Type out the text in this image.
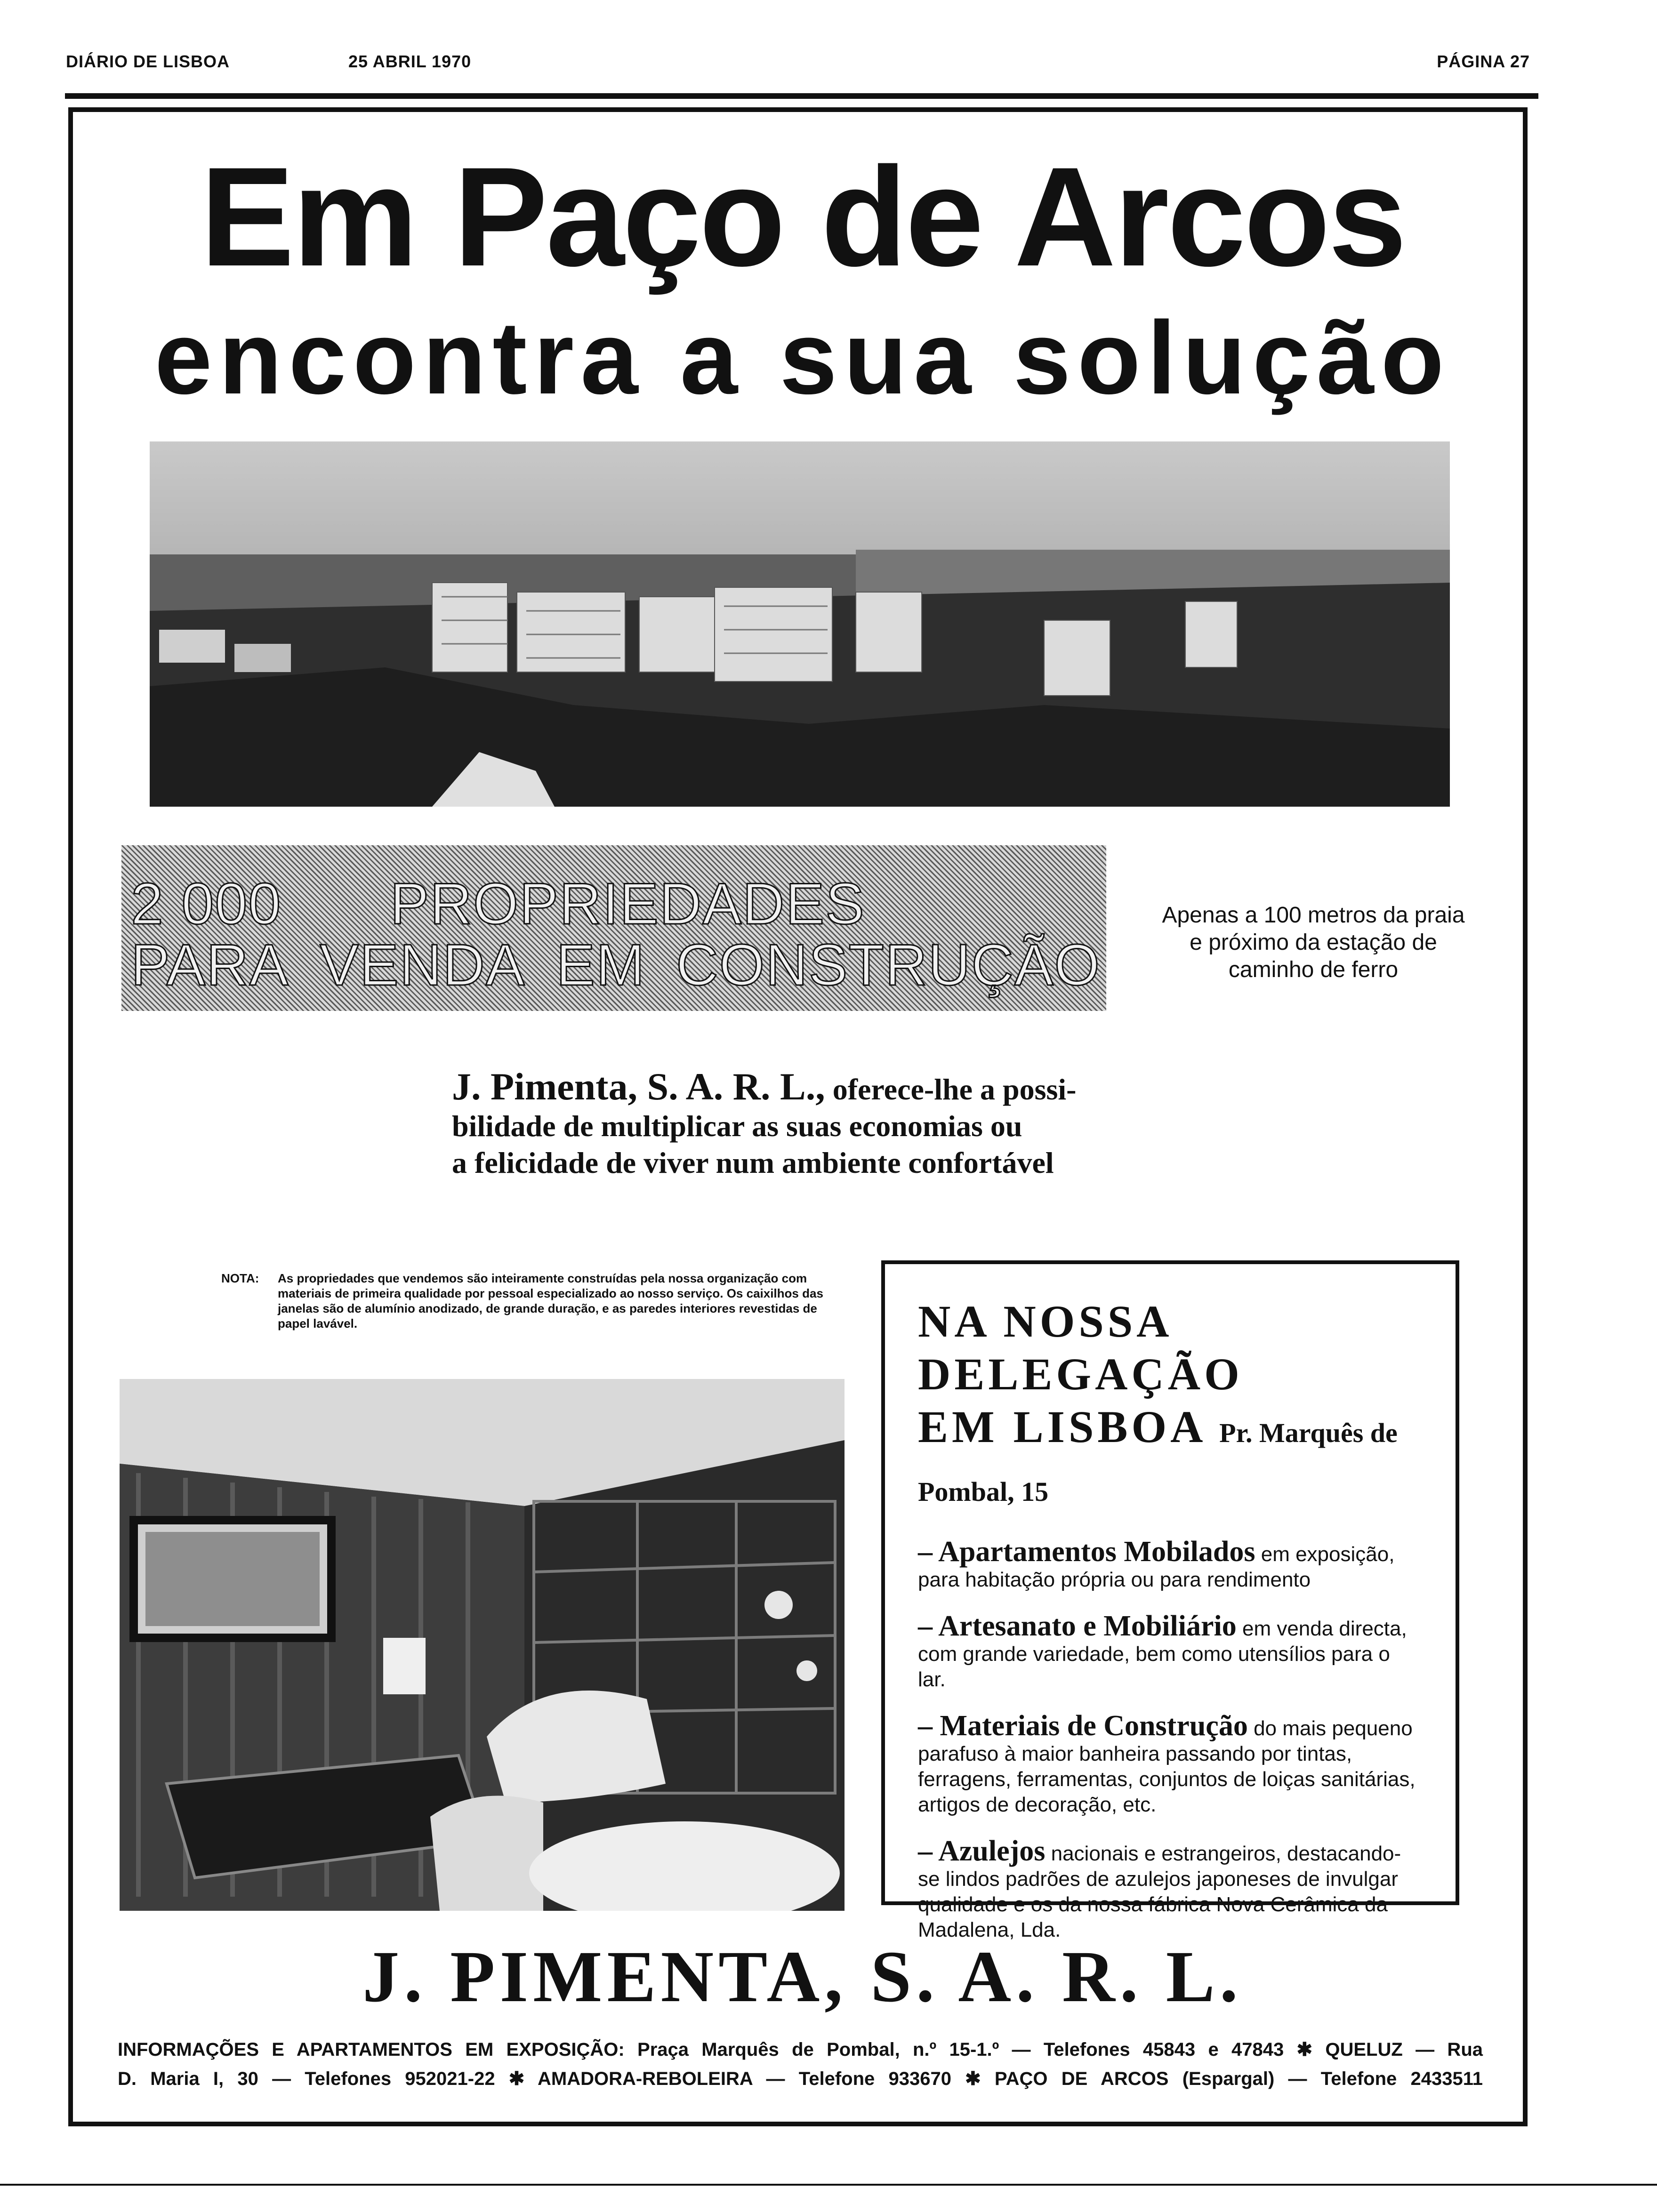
DIÁRIO DE LISBOA	25 ABRIL 1970	PÁGINA 27
Em Paço de Arcos
encontra a sua solução
2 000 PROPRIEDADES
PARA VENDA EM CONSTRUÇÃO
Apenas a 100 metros da praia
e próximo da estação de
caminho de ferro
J. Pimenta, S. A. R. L., oferece-lhe a possi-
bilidade de multiplicar as suas economias ou
a felicidade de viver num ambiente confortável
NOTA: As propriedades que vendemos são inteiramente construídas pela nossa organização com materiais de primeira qualidade por pessoal especializado ao nosso serviço. Os caixilhos das janelas são de alumínio anodizado, de grande duração, e as paredes interiores revestidas de papel lavável.	NA NOSSA DELEGAÇÃO
EM LISBOA Pr. Marquês de Pombal, 15
– Apartamentos Mobilados em exposição, para habitação própria ou para rendimento
– Artesanato e Mobiliário em venda directa, com grande variedade, bem como utensílios para o lar.
– Materiais de Construção do mais pequeno parafuso à maior banheira passando por tintas, ferragens, ferramentas, conjuntos de loiças sanitárias, artigos de decoração, etc.
– Azulejos nacionais e estrangeiros, destacando-se lindos padrões de azulejos japoneses de invulgar qualidade e os da nossa fábrica Nova Cerâmica da Madalena, Lda.
J. PIMENTA, S. A. R. L.
INFORMAÇÕES E APARTAMENTOS EM EXPOSIÇÃO: Praça Marquês de Pombal, n.º 15-1.º — Telefones 45843 e 47843 ✱ QUELUZ — Rua
D. Maria I, 30 — Telefones 952021-22 ✱ AMADORA-REBOLEIRA — Telefone 933670 ✱ PAÇO DE ARCOS (Espargal) — Telefone 2433511
